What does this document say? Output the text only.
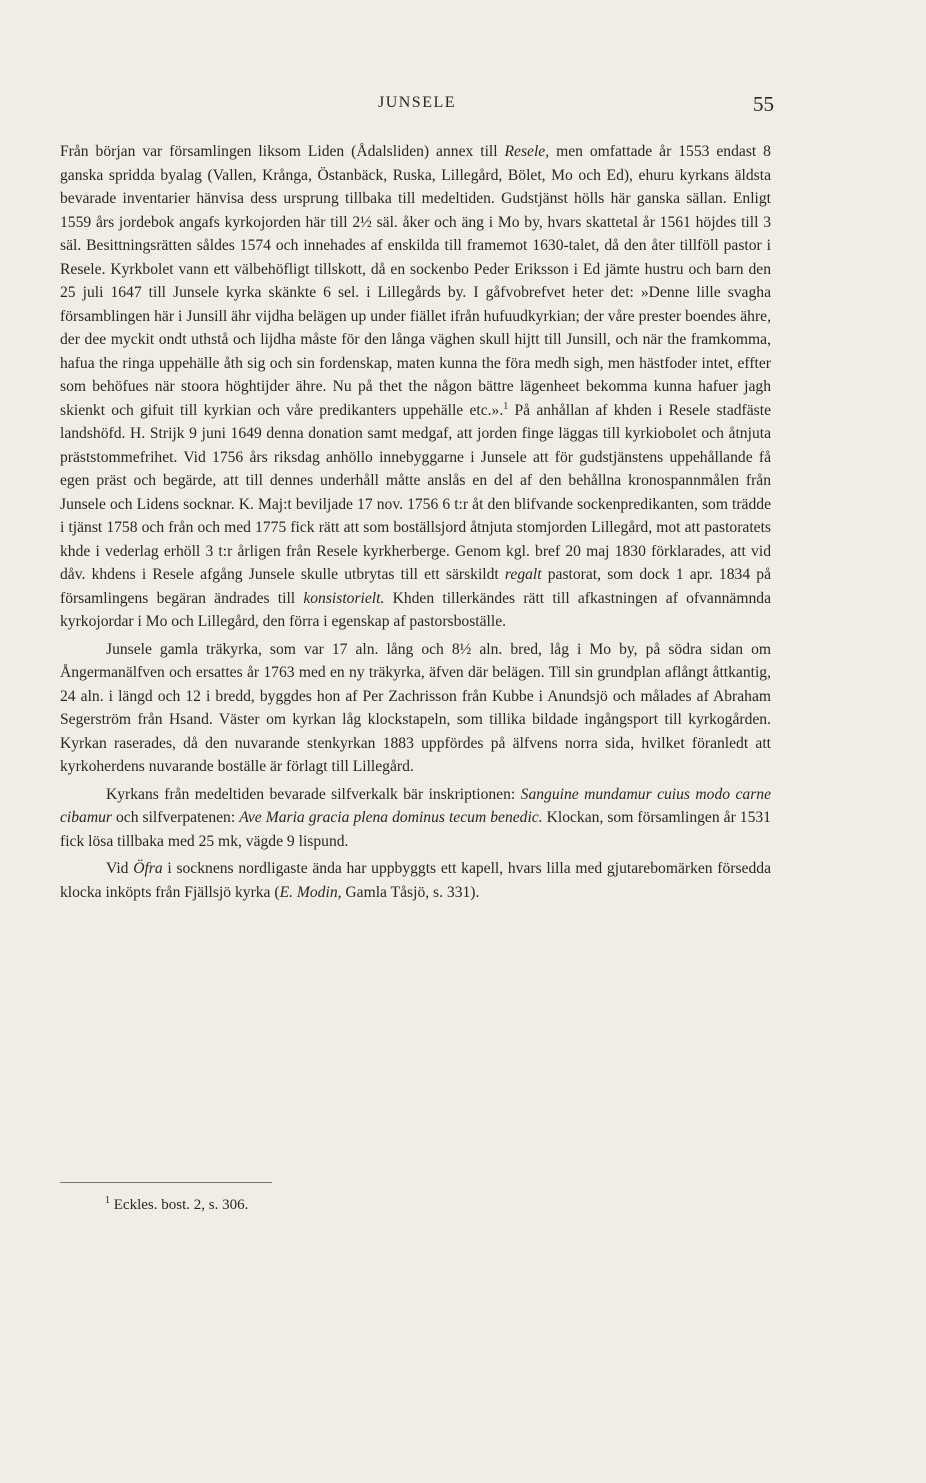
JUNSELE	55

Från början var församlingen liksom Liden (Ådalsliden) annex till Resele, men omfattade år 1553 endast 8 ganska spridda byalag (Vallen, Krånga, Östanbäck, Ruska, Lillegård, Bölet, Mo och Ed), ehuru kyrkans äldsta bevarade inventarier hänvisa dess ursprung tillbaka till medeltiden. Gudstjänst hölls här ganska sällan. Enligt 1559 års jordebok angafs kyrkojorden här till 2½ säl. åker och äng i Mo by, hvars skattetal år 1561 höjdes till 3 säl. Besittningsrätten såldes 1574 och innehades af enskilda till framemot 1630-talet, då den åter tillföll pastor i Resele. Kyrkbolet vann ett välbehöfligt tillskott, då en sockenbo Peder Eriksson i Ed jämte hustru och barn den 25 juli 1647 till Junsele kyrka skänkte 6 sel. i Lillegårds by. I gåfvobrefvet heter det: »Denne lille svagha församblingen här i Junsill ähr vijdha belägen up under fiället ifrån hufuudkyrkian; der våre prester boendes ähre, der dee myckit ondt uthstå och lijdha måste för den långa väghen skull hijtt till Junsill, och när the framkomma, hafua the ringa uppehälle åth sig och sin fordenskap, maten kunna the föra medh sigh, men hästfoder intet, effter som behöfues när stoora höghtijder ähre. Nu på thet the någon bättre lägenheet bekomma kunna hafuer jagh skienkt och gifuit till kyrkian och våre predikanters uppehälle etc.».$^1$ På anhållan af khden i Resele stadfäste landshöfd. H. Strijk 9 juni 1649 denna donation samt medgaf, att jorden finge läggas till kyrkiobolet och åtnjuta präststommefrihet. Vid 1756 års riksdag anhöllo innebyggarne i Junsele att för gudstjänstens uppehållande få egen präst och begärde, att till dennes underhåll måtte anslås en del af den behållna kronospannmålen från Junsele och Lidens socknar. K. Maj:t beviljade 17 nov. 1756 6 t:r åt den blifvande sockenpredikanten, som trädde i tjänst 1758 och från och med 1775 fick rätt att som boställsjord åtnjuta stomjorden Lillegård, mot att pastoratets khde i vederlag erhöll 3 t:r årligen från Resele kyrkherberge. Genom kgl. bref 20 maj 1830 förklarades, att vid dåv. khdens i Resele afgång Junsele skulle utbrytas till ett särskildt regalt pastorat, som dock 1 apr. 1834 på församlingens begäran ändrades till konsistorielt. Khden tillerkändes rätt till afkastningen af ofvannämnda kyrkojordar i Mo och Lillegård, den förra i egenskap af pastorsboställe.

Junsele gamla träkyrka, som var 17 aln. lång och 8½ aln. bred, låg i Mo by, på södra sidan om Ångermanälfven och ersattes år 1763 med en ny träkyrka, äfven där belägen. Till sin grundplan aflångt åttkantig, 24 aln. i längd och 12 i bredd, byggdes hon af Per Zachrisson från Kubbe i Anundsjö och målades af Abraham Segerström från Hsand. Väster om kyrkan låg klockstapeln, som tillika bildade ingångsport till kyrkogården. Kyrkan raserades, då den nuvarande stenkyrkan 1883 uppfördes på älfvens norra sida, hvilket föranledt att kyrkoherdens nuvarande boställe är förlagt till Lillegård.

Kyrkans från medeltiden bevarade silfverkalk bär inskriptionen: Sanguine mundamur cuius modo carne cibamur och silfverpatenen: Ave Maria gracia plena dominus tecum benedic. Klockan, som församlingen år 1531 fick lösa tillbaka med 25 mk, vägde 9 lispund.

Vid Öfra i socknens nordligaste ända har uppbyggts ett kapell, hvars lilla med gjutarebomärken försedda klocka inköpts från Fjällsjö kyrka (E. Modin, Gamla Tåsjö, s. 331).

$^1$ Eckles. bost. 2, s. 306.
